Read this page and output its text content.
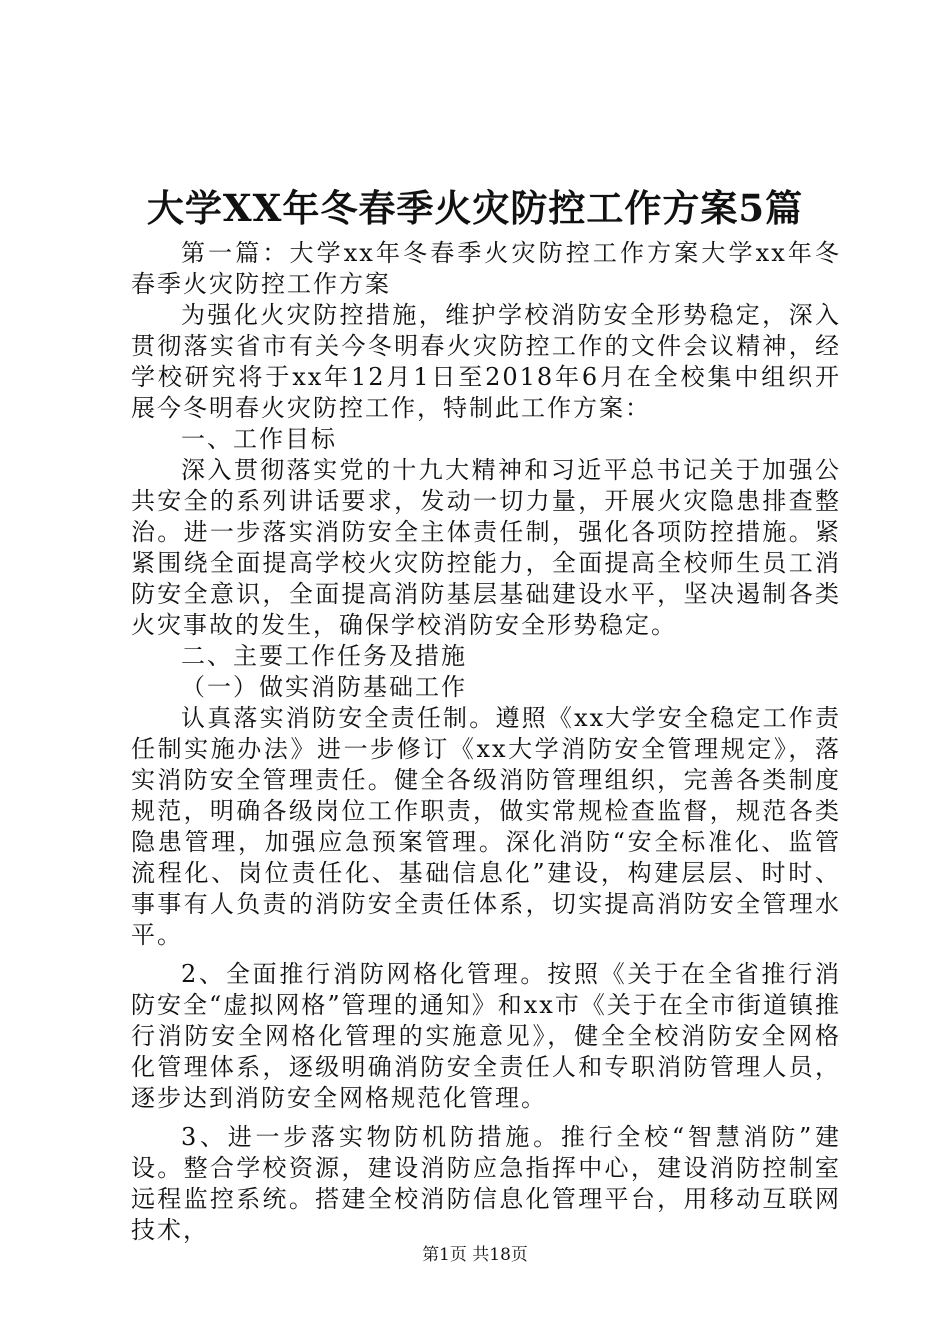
大学XX年冬春季火灾防控工作方案5篇

第一篇：大学xx年冬春季火灾防控工作方案大学xx年冬春季火灾防控工作方案

为强化火灾防控措施，维护学校消防安全形势稳定，深入贯彻落实省市有关今冬明春火灾防控工作的文件会议精神，经学校研究将于xx年12月1日至2018年6月在全校集中组织开展今冬明春火灾防控工作，特制此工作方案：

一、工作目标

深入贯彻落实党的十九大精神和习近平总书记关于加强公共安全的系列讲话要求，发动一切力量，开展火灾隐患排查整治。进一步落实消防安全主体责任制，强化各项防控措施。紧紧围绕全面提高学校火灾防控能力，全面提高全校师生员工消防安全意识，全面提高消防基层基础建设水平，坚决遏制各类火灾事故的发生，确保学校消防安全形势稳定。

二、主要工作任务及措施

（一）做实消防基础工作

认真落实消防安全责任制。遵照《xx大学安全稳定工作责任制实施办法》进一步修订《xx大学消防安全管理规定》，落实消防安全管理责任。健全各级消防管理组织，完善各类制度规范，明确各级岗位工作职责，做实常规检查监督，规范各类隐患管理，加强应急预案管理。深化消防“安全标准化、监管流程化、岗位责任化、基础信息化”建设，构建层层、时时、事事有人负责的消防安全责任体系，切实提高消防安全管理水平。

2、全面推行消防网格化管理。按照《关于在全省推行消防安全“虚拟网格”管理的通知》和xx市《关于在全市街道镇推行消防安全网格化管理的实施意见》，健全全校消防安全网格化管理体系，逐级明确消防安全责任人和专职消防管理人员，逐步达到消防安全网格规范化管理。

3、进一步落实物防机防措施。推行全校“智慧消防”建设。整合学校资源，建设消防应急指挥中心，建设消防控制室远程监控系统。搭建全校消防信息化管理平台，用移动互联网技术，

第1页 共18页
